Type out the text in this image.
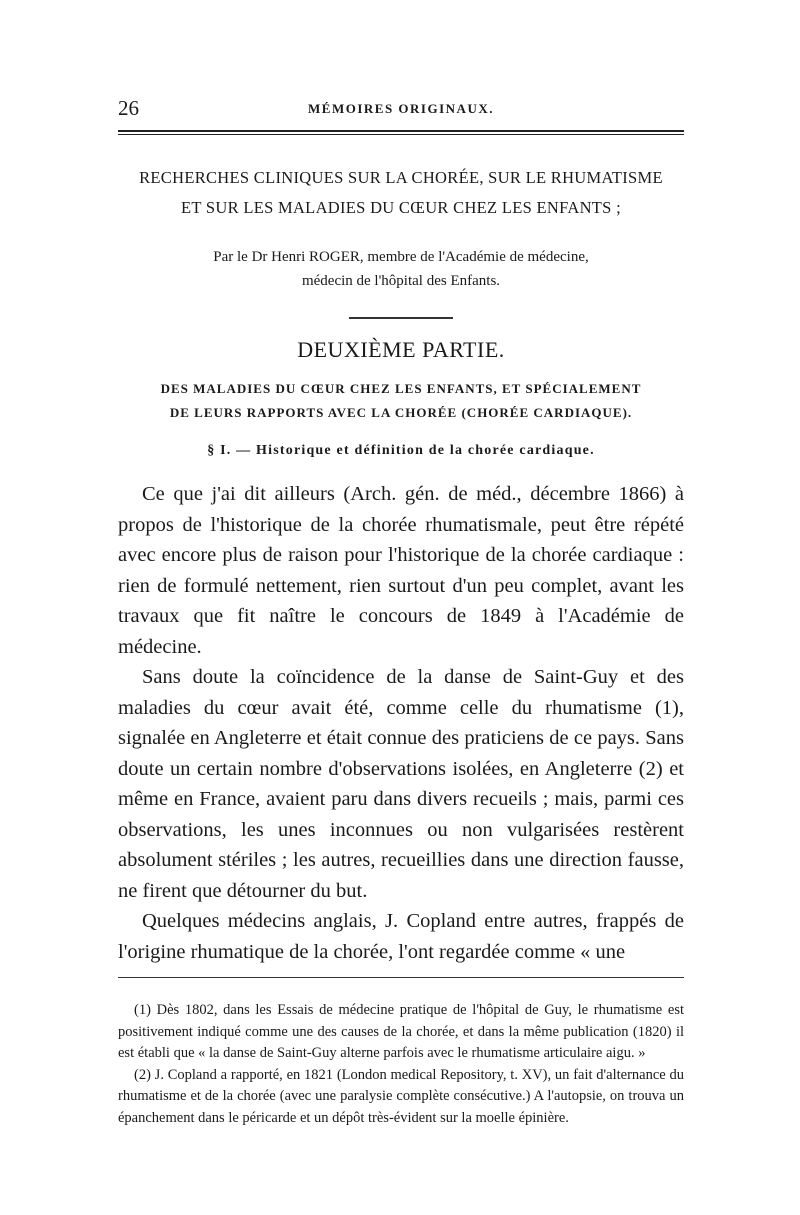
26	MÉMOIRES ORIGINAUX.
RECHERCHES CLINIQUES SUR LA CHORÉE, SUR LE RHUMATISME
ET SUR LES MALADIES DU CŒUR CHEZ LES ENFANTS ;
Par le Dr Henri ROGER, membre de l'Académie de médecine,
médecin de l'hôpital des Enfants.
DEUXIÈME PARTIE.
DES MALADIES DU CŒUR CHEZ LES ENFANTS, ET SPÉCIALEMENT
DE LEURS RAPPORTS AVEC LA CHORÉE (CHORÉE CARDIAQUE).
§ I. — Historique et définition de la chorée cardiaque.

Ce que j'ai dit ailleurs (Arch. gén. de méd., décembre 1866) à propos de l'historique de la chorée rhumatismale, peut être répété avec encore plus de raison pour l'historique de la chorée cardiaque : rien de formulé nettement, rien surtout d'un peu complet, avant les travaux que fit naître le concours de 1849 à l'Académie de médecine.

Sans doute la coïncidence de la danse de Saint-Guy et des maladies du cœur avait été, comme celle du rhumatisme (1), signalée en Angleterre et était connue des praticiens de ce pays. Sans doute un certain nombre d'observations isolées, en Angleterre (2) et même en France, avaient paru dans divers recueils ; mais, parmi ces observations, les unes inconnues ou non vulgarisées restèrent absolument stériles ; les autres, recueillies dans une direction fausse, ne firent que détourner du but.

Quelques médecins anglais, J. Copland entre autres, frappés de l'origine rhumatique de la chorée, l'ont regardée comme « une

(1) Dès 1802, dans les Essais de médecine pratique de l'hôpital de Guy, le rhumatisme est positivement indiqué comme une des causes de la chorée, et dans la même publication (1820) il est établi que « la danse de Saint-Guy alterne parfois avec le rhumatisme articulaire aigu. »

(2) J. Copland a rapporté, en 1821 (London medical Repository, t. XV), un fait d'alternance du rhumatisme et de la chorée (avec une paralysie complète consécutive.) A l'autopsie, on trouva un épanchement dans le péricarde et un dépôt très-évident sur la moelle épinière.
